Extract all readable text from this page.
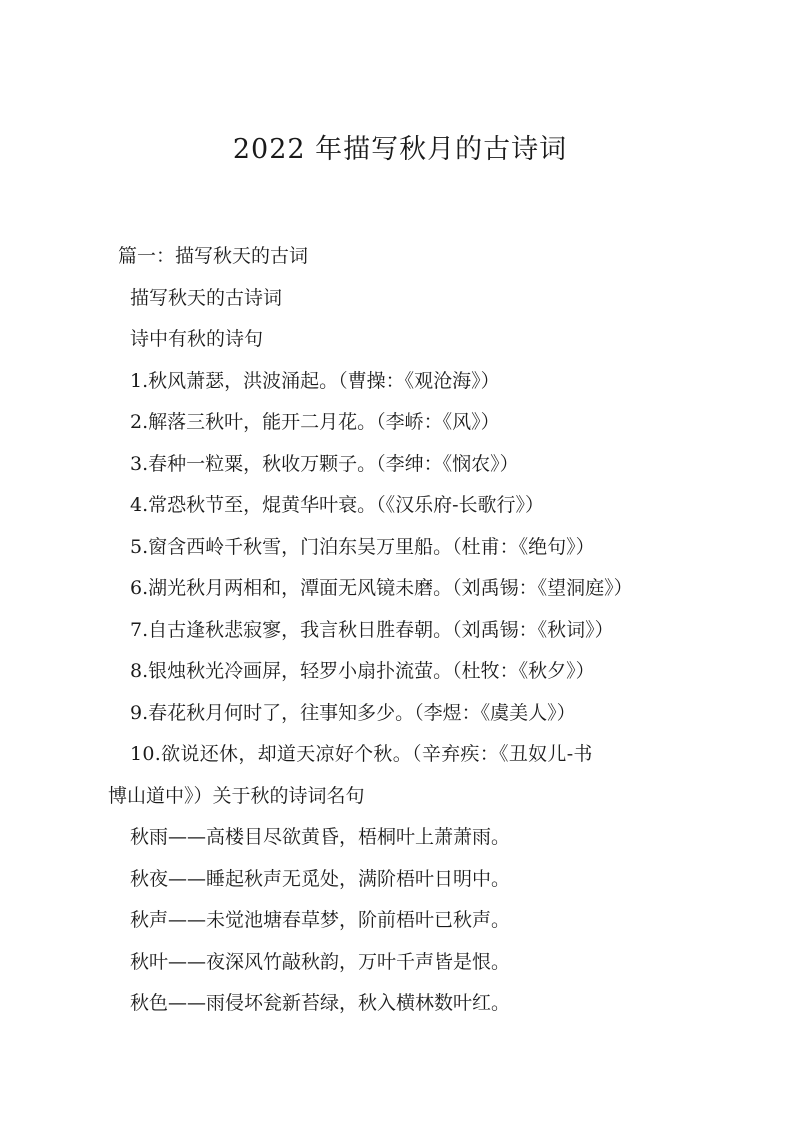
2022 年描写秋月的古诗词
篇一：描写秋天的古词
描写秋天的古诗词
诗中有秋的诗句
1.秋风萧瑟，洪波涌起。（曹操：《观沧海》）
2.解落三秋叶，能开二月花。（李峤：《风》）
3.春种一粒粟，秋收万颗子。（李绅：《悯农》）
4.常恐秋节至，焜黄华叶衰。（《汉乐府-长歌行》）
5.窗含西岭千秋雪，门泊东吴万里船。（杜甫：《绝句》）
6.湖光秋月两相和，潭面无风镜未磨。（刘禹锡：《望洞庭》）
7.自古逢秋悲寂寥，我言秋日胜春朝。（刘禹锡：《秋词》）
8.银烛秋光冷画屏，轻罗小扇扑流萤。（杜牧：《秋夕》）
9.春花秋月何时了，往事知多少。（李煜：《虞美人》）
10.欲说还休，却道天凉好个秋。（辛弃疾：《丑奴儿-书
博山道中》）关于秋的诗词名句
秋雨——高楼目尽欲黄昏，梧桐叶上萧萧雨。
秋夜——睡起秋声无觅处，满阶梧叶日明中。
秋声——未觉池塘春草梦，阶前梧叶已秋声。
秋叶——夜深风竹敲秋韵，万叶千声皆是恨。
秋色——雨侵坏瓮新苔绿，秋入横林数叶红。
